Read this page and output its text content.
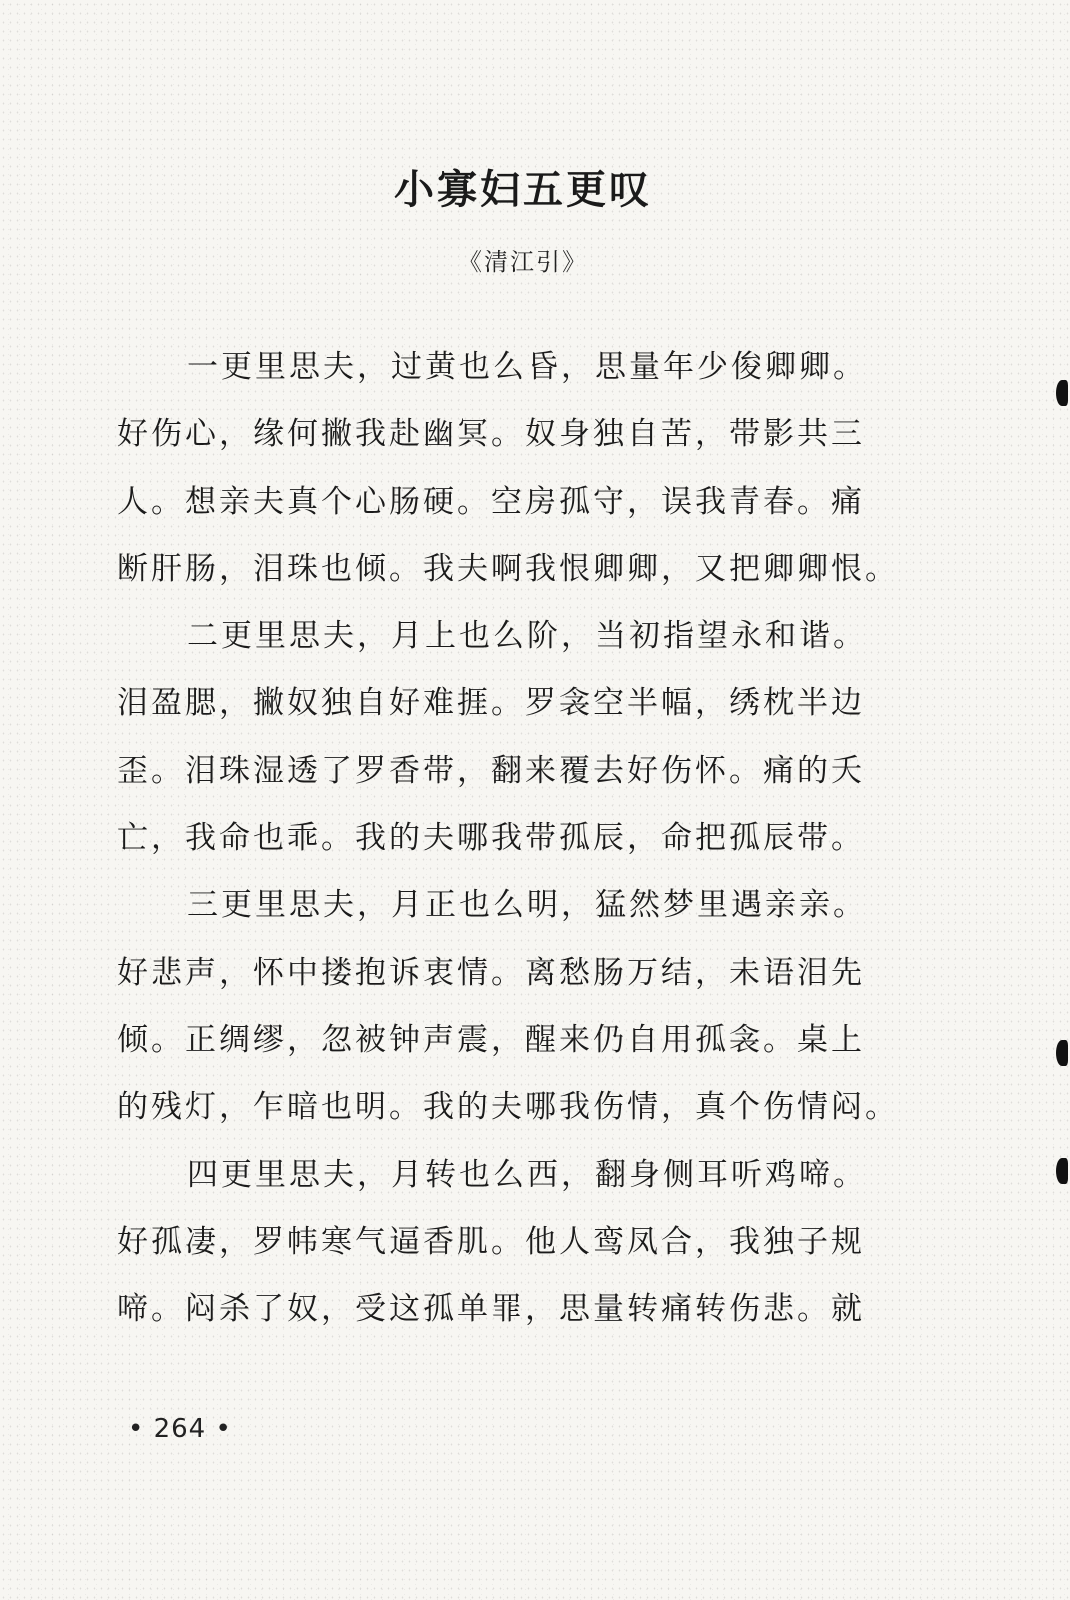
小寡妇五更叹
《清江引》
一更里思夫，过黄也么昏，思量年少俊卿卿。
好伤心，缘何撇我赴幽冥。奴身独自苦，带影共三
人。想亲夫真个心肠硬。空房孤守，误我青春。痛
断肝肠，泪珠也倾。我夫啊我恨卿卿，又把卿卿恨。
二更里思夫，月上也么阶，当初指望永和谐。
泪盈腮，撇奴独自好难捱。罗衾空半幅，绣枕半边
歪。泪珠湿透了罗香带，翻来覆去好伤怀。痛的夭
亡，我命也乖。我的夫哪我带孤辰，命把孤辰带。
三更里思夫，月正也么明，猛然梦里遇亲亲。
好悲声，怀中搂抱诉衷情。离愁肠万结，未语泪先
倾。正绸缪，忽被钟声震，醒来仍自用孤衾。桌上
的残灯，乍暗也明。我的夫哪我伤情，真个伤情闷。
四更里思夫，月转也么西，翻身侧耳听鸡啼。
好孤凄，罗帏寒气逼香肌。他人鸾凤合，我独子规
啼。闷杀了奴，受这孤单罪，思量转痛转伤悲。就
• 264 •
